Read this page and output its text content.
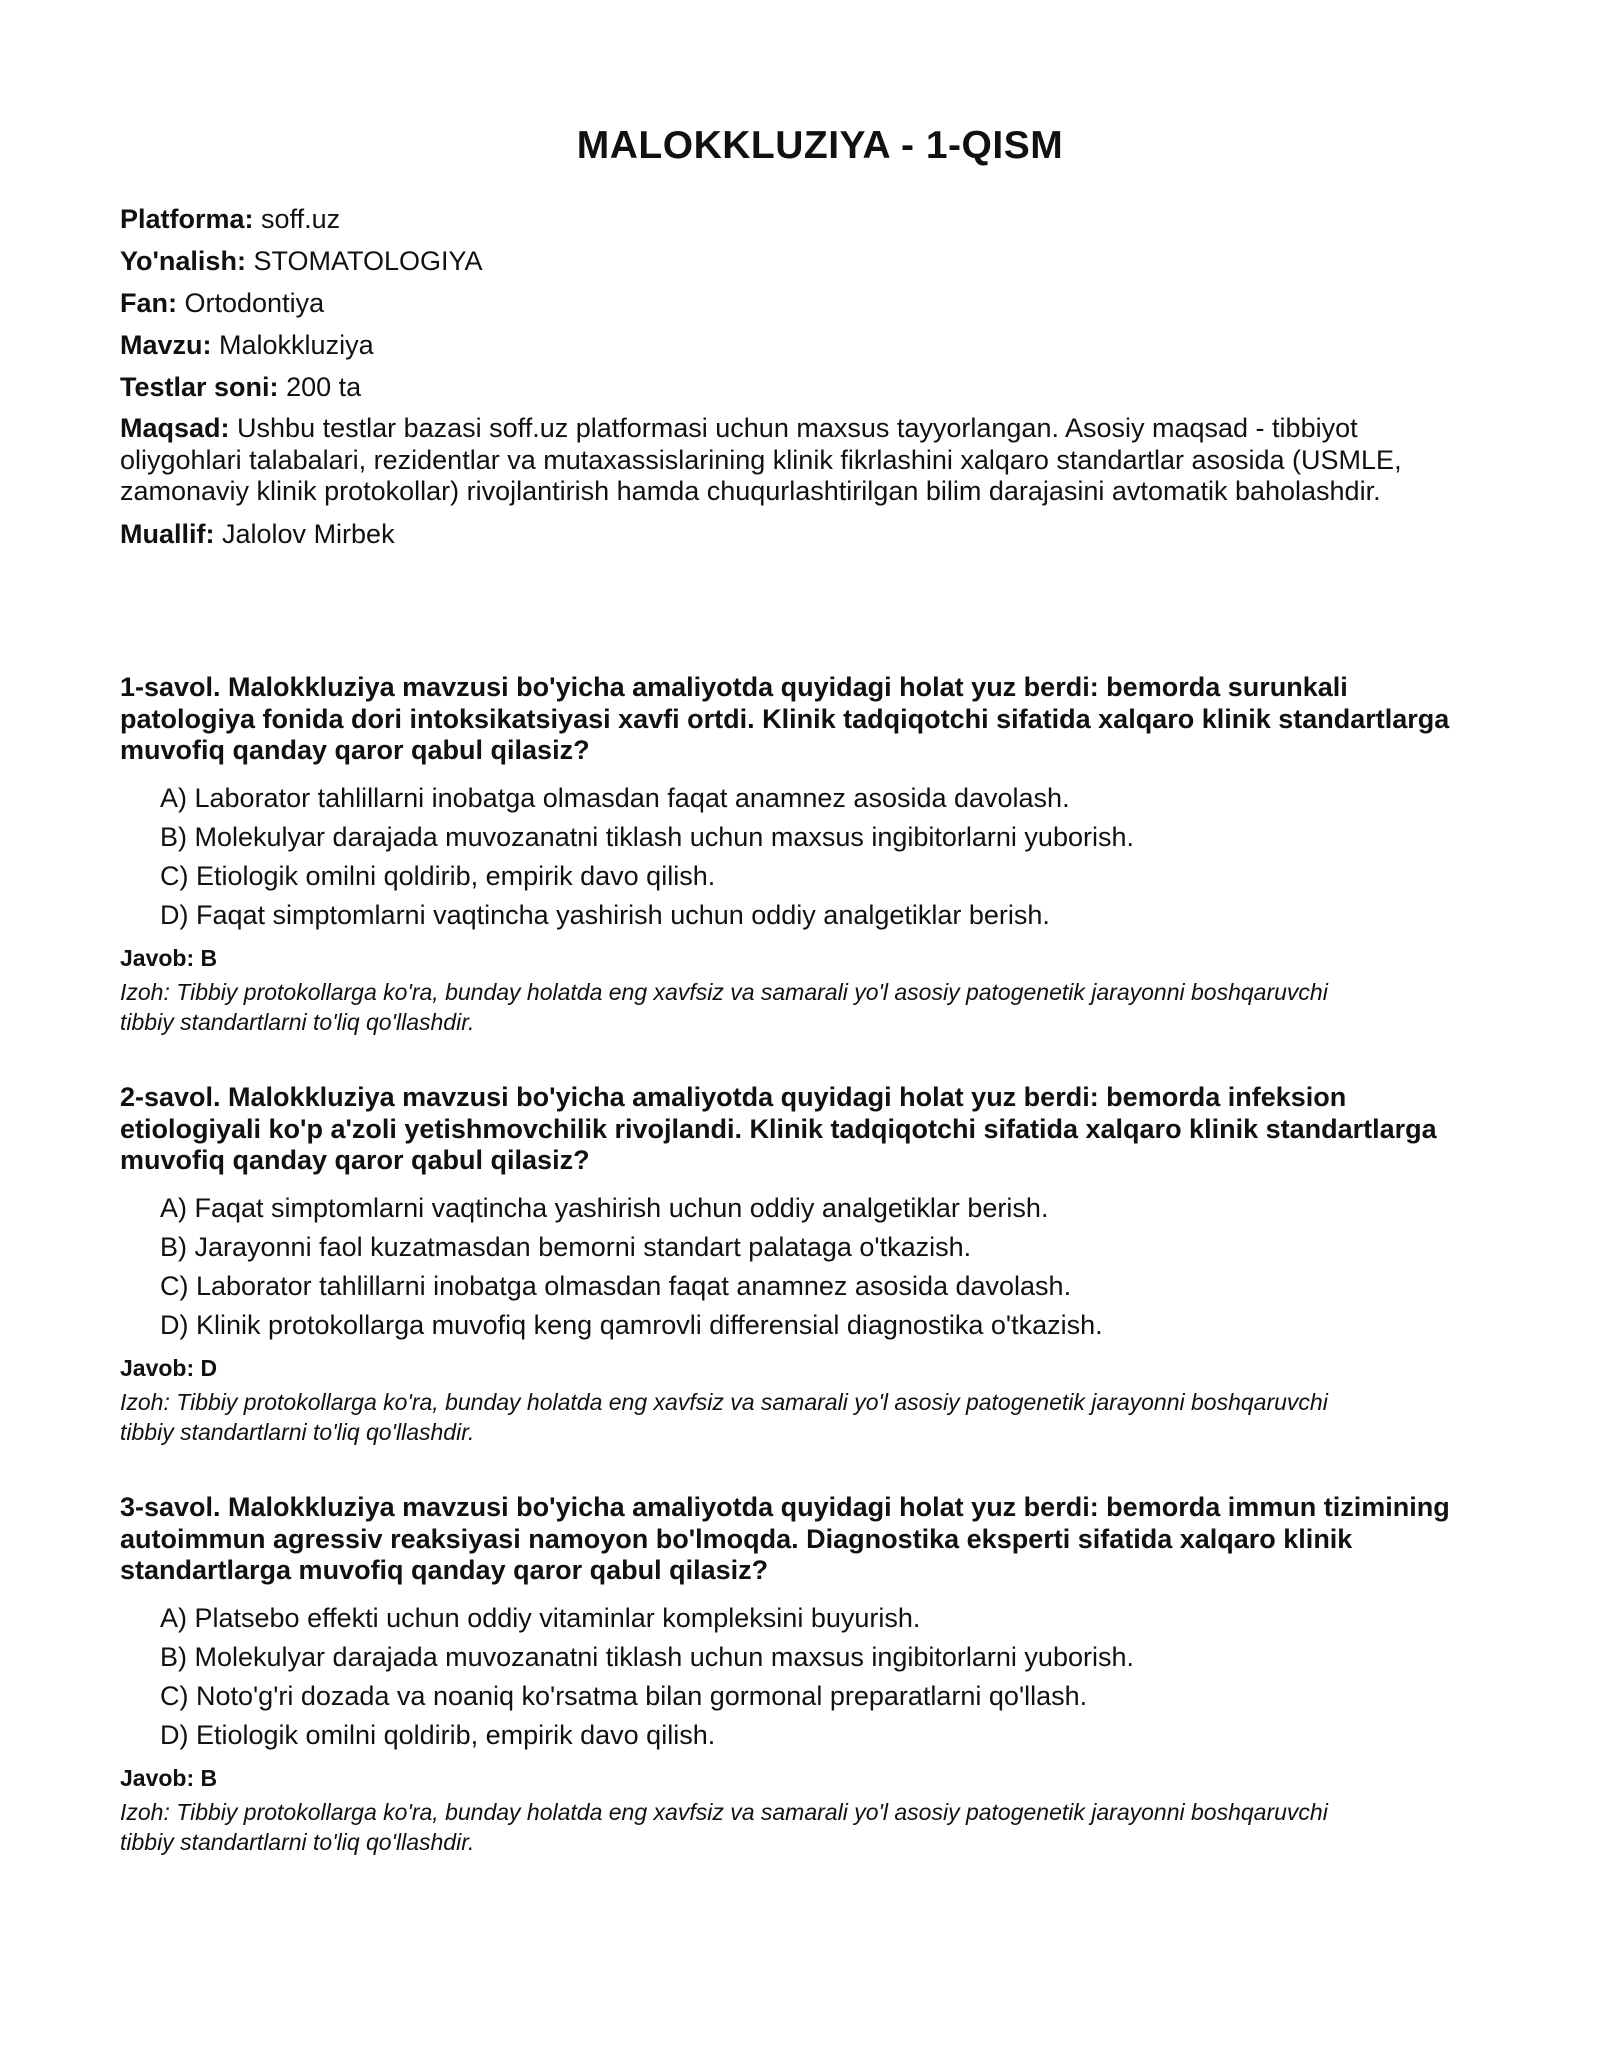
MALOKKLUZIYA - 1-QISM

Platforma: soff.uz

Yo'nalish: STOMATOLOGIYA

Fan: Ortodontiya

Mavzu: Malokkluziya

Testlar soni: 200 ta

Maqsad: Ushbu testlar bazasi soff.uz platformasi uchun maxsus tayyorlangan. Asosiy maqsad - tibbiyot oliygohlari talabalari, rezidentlar va mutaxassislarining klinik fikrlashini xalqaro standartlar asosida (USMLE, zamonaviy klinik protokollar) rivojlantirish hamda chuqurlashtirilgan bilim darajasini avtomatik baholashdir.

Muallif: Jalolov Mirbek

1-savol. Malokkluziya mavzusi bo'yicha amaliyotda quyidagi holat yuz berdi: bemorda surunkali patologiya fonida dori intoksikatsiyasi xavfi ortdi. Klinik tadqiqotchi sifatida xalqaro klinik standartlarga muvofiq qanday qaror qabul qilasiz?

A) Laborator tahlillarni inobatga olmasdan faqat anamnez asosida davolash.
B) Molekulyar darajada muvozanatni tiklash uchun maxsus ingibitorlarni yuborish.
C) Etiologik omilni qoldirib, empirik davo qilish.
D) Faqat simptomlarni vaqtincha yashirish uchun oddiy analgetiklar berish.

Javob: B

Izoh: Tibbiy protokollarga ko'ra, bunday holatda eng xavfsiz va samarali yo'l asosiy patogenetik jarayonni boshqaruvchi tibbiy standartlarni to'liq qo'llashdir.

2-savol. Malokkluziya mavzusi bo'yicha amaliyotda quyidagi holat yuz berdi: bemorda infeksion etiologiyali ko'p a'zoli yetishmovchilik rivojlandi. Klinik tadqiqotchi sifatida xalqaro klinik standartlarga muvofiq qanday qaror qabul qilasiz?

A) Faqat simptomlarni vaqtincha yashirish uchun oddiy analgetiklar berish.
B) Jarayonni faol kuzatmasdan bemorni standart palataga o'tkazish.
C) Laborator tahlillarni inobatga olmasdan faqat anamnez asosida davolash.
D) Klinik protokollarga muvofiq keng qamrovli differensial diagnostika o'tkazish.

Javob: D

Izoh: Tibbiy protokollarga ko'ra, bunday holatda eng xavfsiz va samarali yo'l asosiy patogenetik jarayonni boshqaruvchi tibbiy standartlarni to'liq qo'llashdir.

3-savol. Malokkluziya mavzusi bo'yicha amaliyotda quyidagi holat yuz berdi: bemorda immun tizimining autoimmun agressiv reaksiyasi namoyon bo'lmoqda. Diagnostika eksperti sifatida xalqaro klinik standartlarga muvofiq qanday qaror qabul qilasiz?

A) Platsebo effekti uchun oddiy vitaminlar kompleksini buyurish.
B) Molekulyar darajada muvozanatni tiklash uchun maxsus ingibitorlarni yuborish.
C) Noto'g'ri dozada va noaniq ko'rsatma bilan gormonal preparatlarni qo'llash.
D) Etiologik omilni qoldirib, empirik davo qilish.

Javob: B

Izoh: Tibbiy protokollarga ko'ra, bunday holatda eng xavfsiz va samarali yo'l asosiy patogenetik jarayonni boshqaruvchi tibbiy standartlarni to'liq qo'llashdir.
